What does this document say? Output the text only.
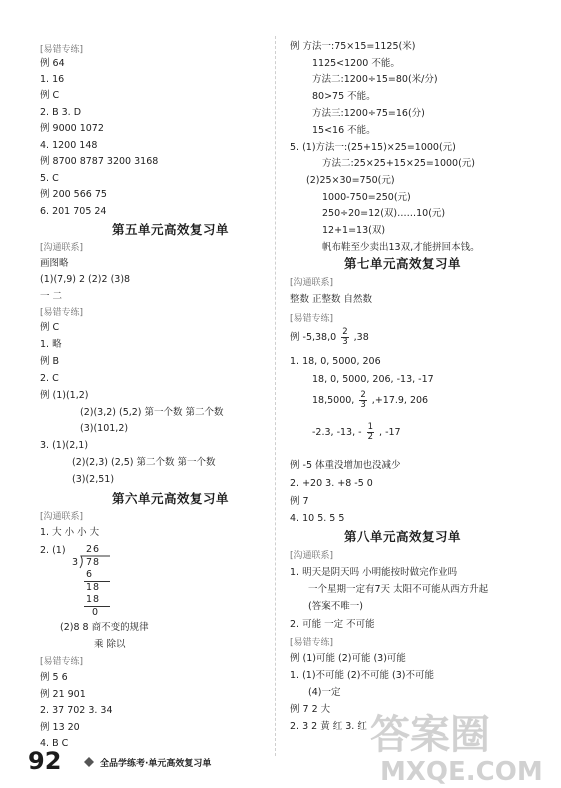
[易错专练]
例 64
1. 16
例 C
2. B 3. D
例 9000 1072
4. 1200 148
例 8700 8787 3200 3168
5. C
例 200 566 75
6. 201 705 24
第五单元高效复习单
[沟通联系]
画图略
(1)(7,9) 2 (2)2 (3)8
一 二
[易错专练]
例 C
1. 略
例 B
2. C
例 (1)(1,2)
(2)(3,2) (5,2) 第一个数 第二个数
(3)(101,2)
3. (1)(2,1)
(2)(2,3) (2,5) 第二个数 第一个数
(3)(2,51)
第六单元高效复习单
[沟通联系]
1. 大 小 小 大
2. (1) 26
3 78
6
18
18
0
(2)8 8 商不变的规律
乘 除以
[易错专练]
例 5 6
例 21 901
2. 37 702 3. 34
例 13 20
4. B C
例 方法一:75×15=1125(米)
1125<1200 不能。
方法二:1200÷15=80(米/分)
80>75 不能。
方法三:1200÷75=16(分)
15<16 不能。
5. (1)方法一:(25+15)×25=1000(元)
方法二:25×25+15×25=1000(元)
(2)25×30=750(元)
1000-750=250(元)
250÷20=12(双)……10(元)
12+1=13(双)
帆布鞋至少卖出13双,才能拼回本钱。
第七单元高效复习单
[沟通联系]
整数 正整数 自然数
[易错专练]
例 $-5,38,0 \frac{2}{3} ,38$
1. 18, 0, 5000, 206
18, 0, 5000, 206, -13, -17
18,5000, $\frac{2}{3} ,+17.9$, 206
-2.3, -13, - $\frac{1}{2}$ , -17
例 -5 体重没增加也没减少
2. +20 3. +8 -5 0
例 7
4. 10 5. 5 5
第八单元高效复习单
[沟通联系]
1. 明天是阴天吗 小明能按时做完作业吗
一个星期一定有7天 太阳不可能从西方升起
(答案不唯一)
2. 可能 一定 不可能
[易错专练]
例 (1)可能 (2)可能 (3)可能
1. (1)不可能 (2)不可能 (3)不可能
(4)一定
例 7 2 大
2. 3 2 黄 红 3. 红
92	全品学练考·单元高效复习单
答案圈
MXQE.COM
